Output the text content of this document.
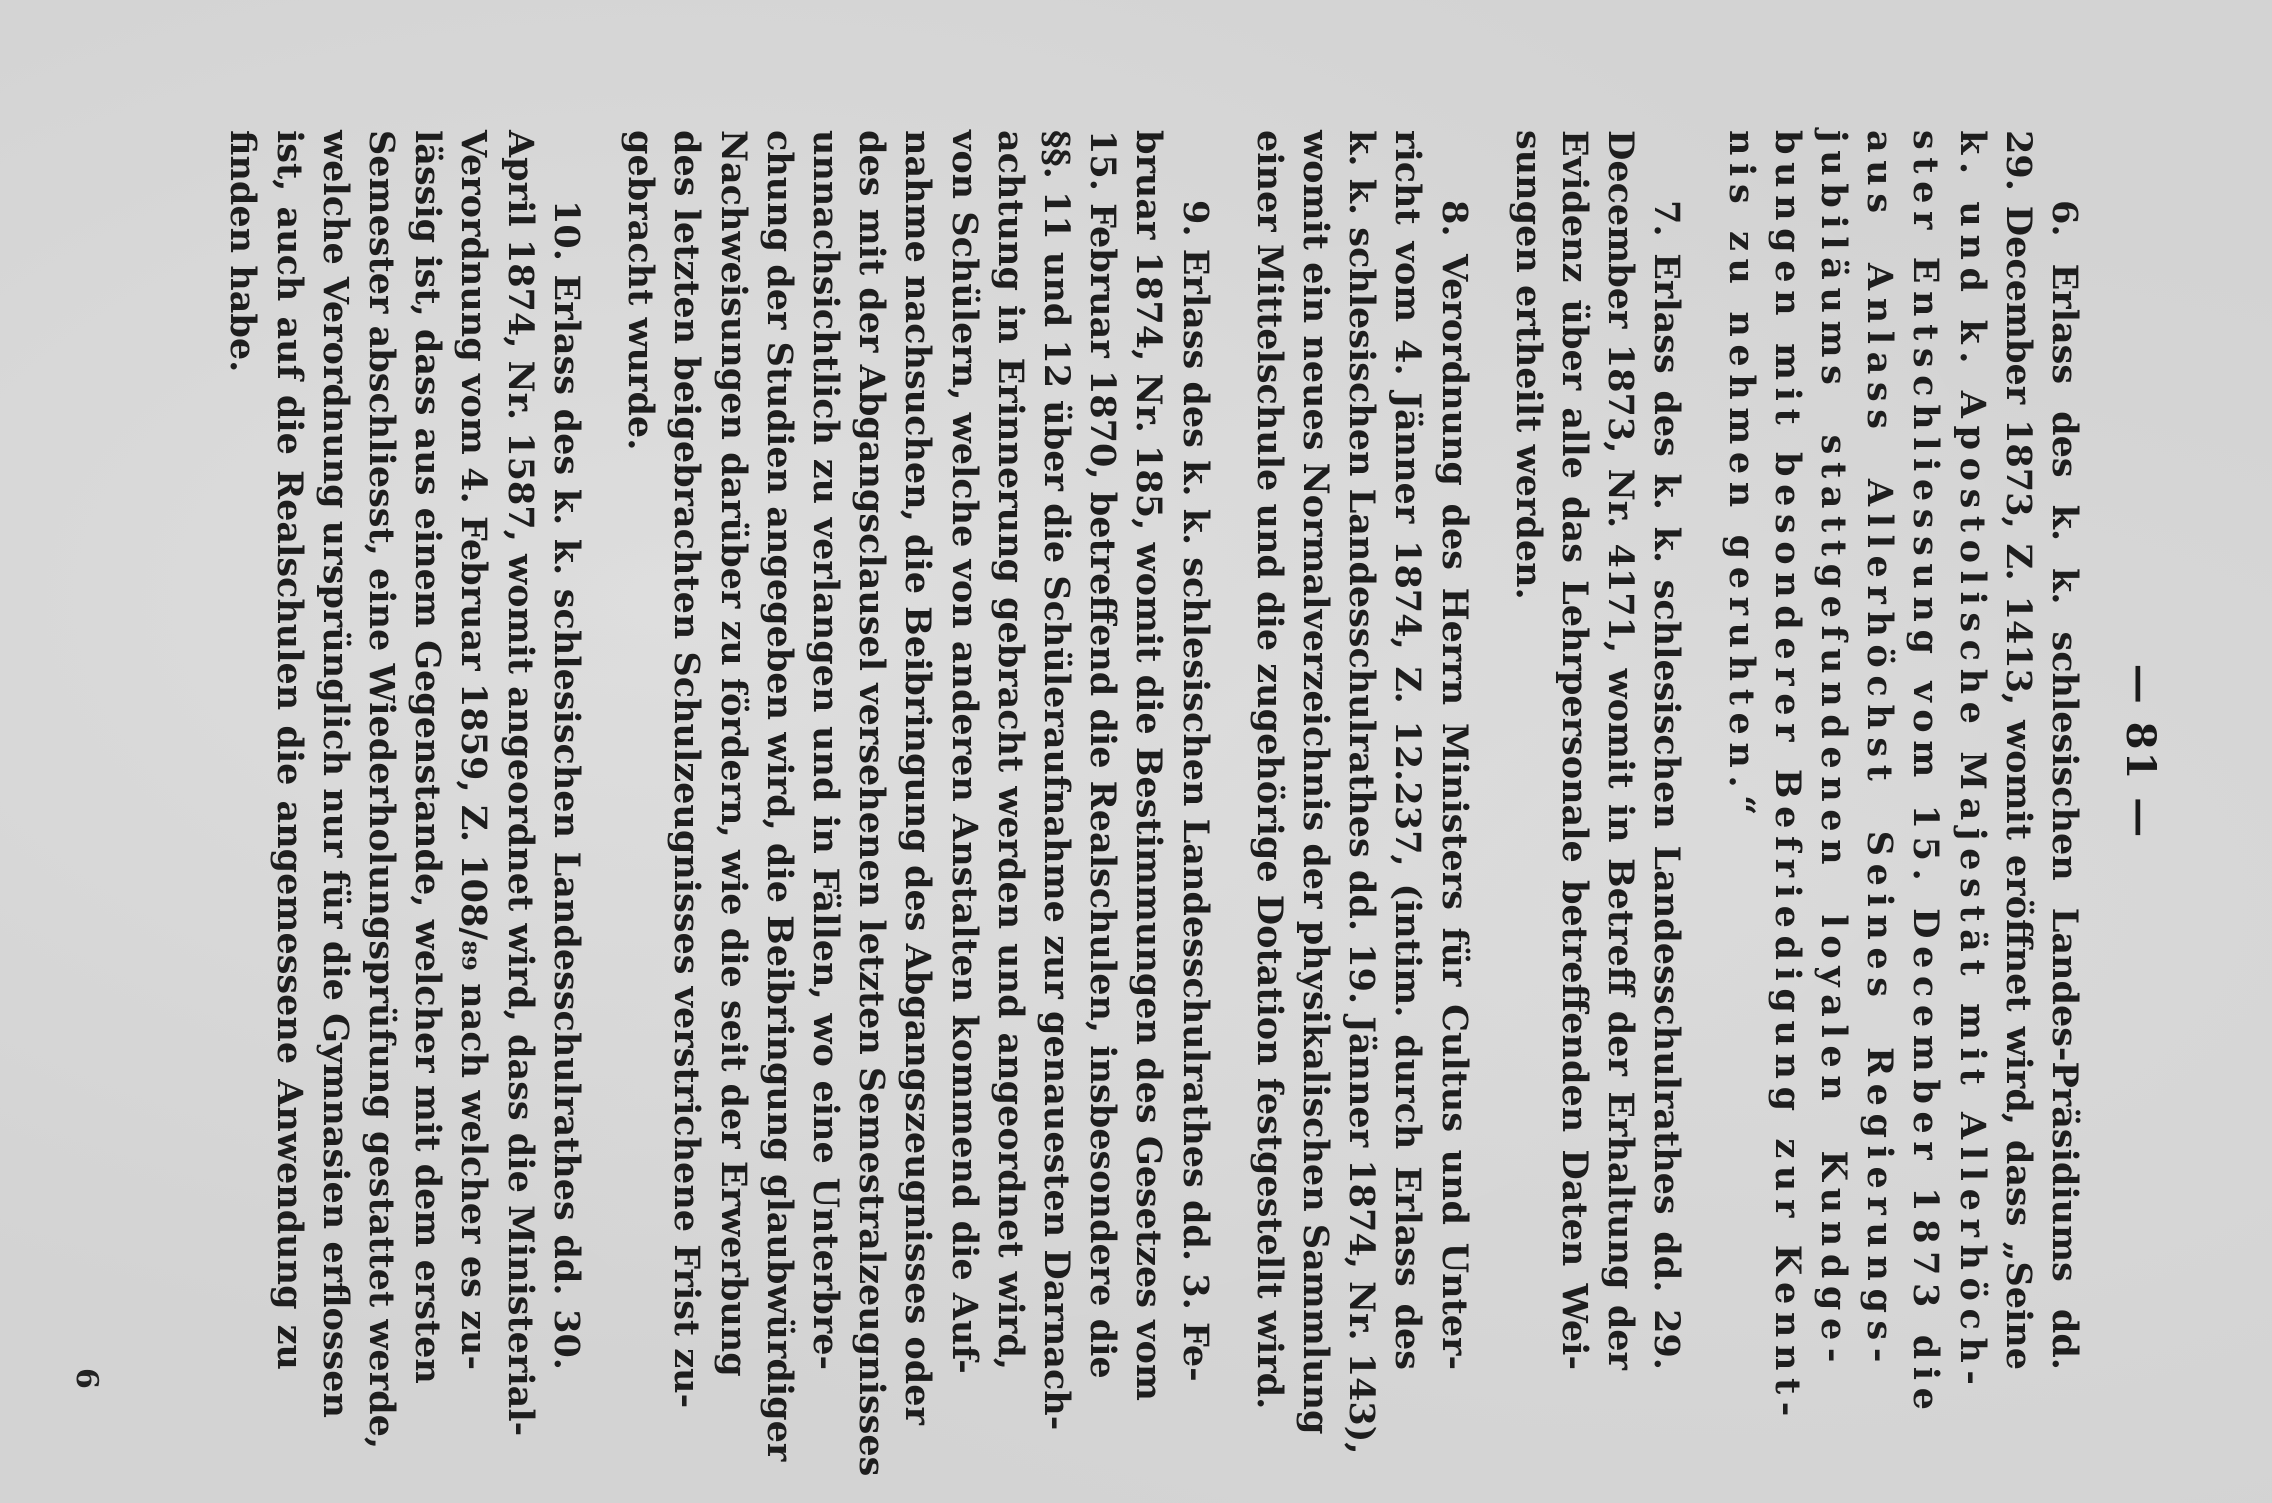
— 81 —
6. Erlass des k. k. schlesischen Landes-Präsidiums dd.
29. December 1873, Z. 1413, womit eröffnet wird, dass „Seine
k. und k. Apostolische Majestät mit Allerhöch-
ster Entschliessung vom 15. December 1873 die
aus Anlass Allerhöchst Seines Regierungs-
jubiläums stattgefundenen loyalen Kundge-
bungen mit besonderer Befriedigung zur Kennt-
nis zu nehmen geruhten.“
7. Erlass des k. k. schlesischen Landesschulrathes dd. 29.
December 1873, Nr. 4171, womit in Betreff der Erhaltung der
Evidenz über alle das Lehrpersonale betreffenden Daten Wei-
sungen ertheilt werden.
8. Verordnung des Herrn Ministers für Cultus und Unter-
richt vom 4. Jänner 1874, Z. 12.237, (intim. durch Erlass des
k. k. schlesischen Landesschulrathes dd. 19. Jänner 1874, Nr. 143),
womit ein neues Normalverzeichnis der physikalischen Sammlung
einer Mittelschule und die zugehörige Dotation festgestellt wird.
9. Erlass des k. k. schlesischen Landesschulrathes dd. 3. Fe-
bruar 1874, Nr. 185, womit die Bestimmungen des Gesetzes vom
15. Februar 1870, betreffend die Realschulen, insbesondere die
§§. 11 und 12 über die Schüleraufnahme zur genauesten Darnach-
achtung in Erinnerung gebracht werden und angeordnet wird,
von Schülern, welche von anderen Anstalten kommend die Auf-
nahme nachsuchen, die Beibringung des Abgangszeugnisses oder
des mit der Abgangsclausel versehenen letzten Semestralzeugnisses
unnachsichtlich zu verlangen und in Fällen, wo eine Unterbre-
chung der Studien angegeben wird, die Beibringung glaubwürdiger
Nachweisungen darüber zu fördern, wie die seit der Erwerbung
des letzten beigebrachten Schulzeugnisses verstrichene Frist zu-
gebracht wurde.
10. Erlass des k. k. schlesischen Landesschulrathes dd. 30.
April 1874, Nr. 1587, womit angeordnet wird, dass die Ministerial-
Verordnung vom 4. Februar 1859, Z. 108/₈₉ nach welcher es zu-
lässig ist, dass aus einem Gegenstande, welcher mit dem ersten
Semester abschliesst, eine Wiederholungsprüfung gestattet werde,
welche Verordnung ursprünglich nur für die Gymnasien erflossen
ist, auch auf die Realschulen die angemessene Anwendung zu
finden habe.
6
